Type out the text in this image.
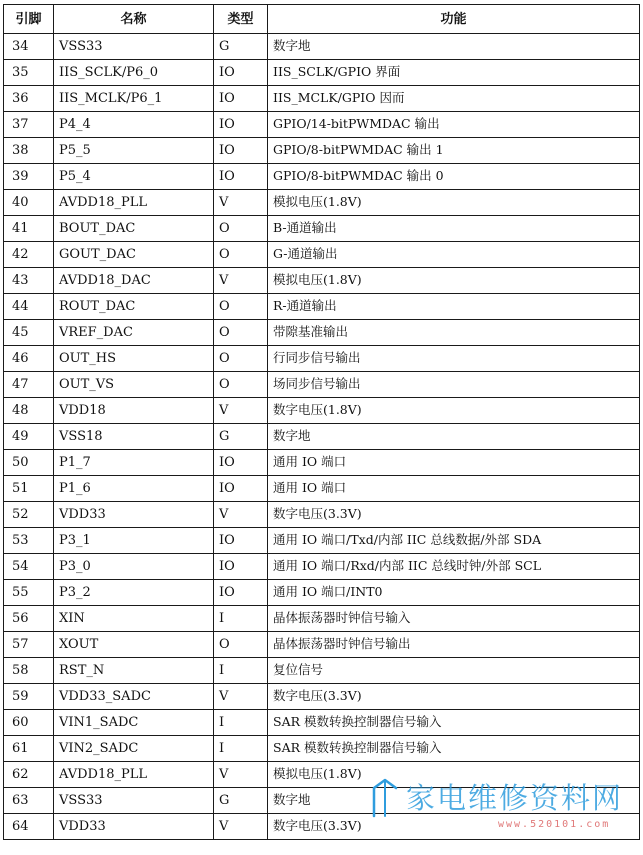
引脚	名称	类型	功能
34	VSS33	G	数字地
35	IIS_SCLK/P6_0	IO	IIS_SCLK/GPIO 界面
36	IIS_MCLK/P6_1	IO	IIS_MCLK/GPIO 因而
37	P4_4	IO	GPIO/14-bitPWMDAC 输出
38	P5_5	IO	GPIO/8-bitPWMDAC 输出 1
39	P5_4	IO	GPIO/8-bitPWMDAC 输出 0
40	AVDD18_PLL	V	模拟电压(1.8V)
41	BOUT_DAC	O	B-通道输出
42	GOUT_DAC	O	G-通道输出
43	AVDD18_DAC	V	模拟电压(1.8V)
44	ROUT_DAC	O	R-通道输出
45	VREF_DAC	O	带隙基准输出
46	OUT_HS	O	行同步信号输出
47	OUT_VS	O	场同步信号输出
48	VDD18	V	数字电压(1.8V)
49	VSS18	G	数字地
50	P1_7	IO	通用 IO 端口
51	P1_6	IO	通用 IO 端口
52	VDD33	V	数字电压(3.3V)
53	P3_1	IO	通用 IO 端口/Txd/内部 IIC 总线数据/外部 SDA
54	P3_0	IO	通用 IO 端口/Rxd/内部 IIC 总线时钟/外部 SCL
55	P3_2	IO	通用 IO 端口/INT0
56	XIN	I	晶体振荡器时钟信号输入
57	XOUT	O	晶体振荡器时钟信号输出
58	RST_N	I	复位信号
59	VDD33_SADC	V	数字电压(3.3V)
60	VIN1_SADC	I	SAR 模数转换控制器信号输入
61	VIN2_SADC	I	SAR 模数转换控制器信号输入
62	AVDD18_PLL	V	模拟电压(1.8V)
63	VSS33	G	数字地
64	VDD33	V	数字电压(3.3V)
家电维修资料网
www.520101.com
